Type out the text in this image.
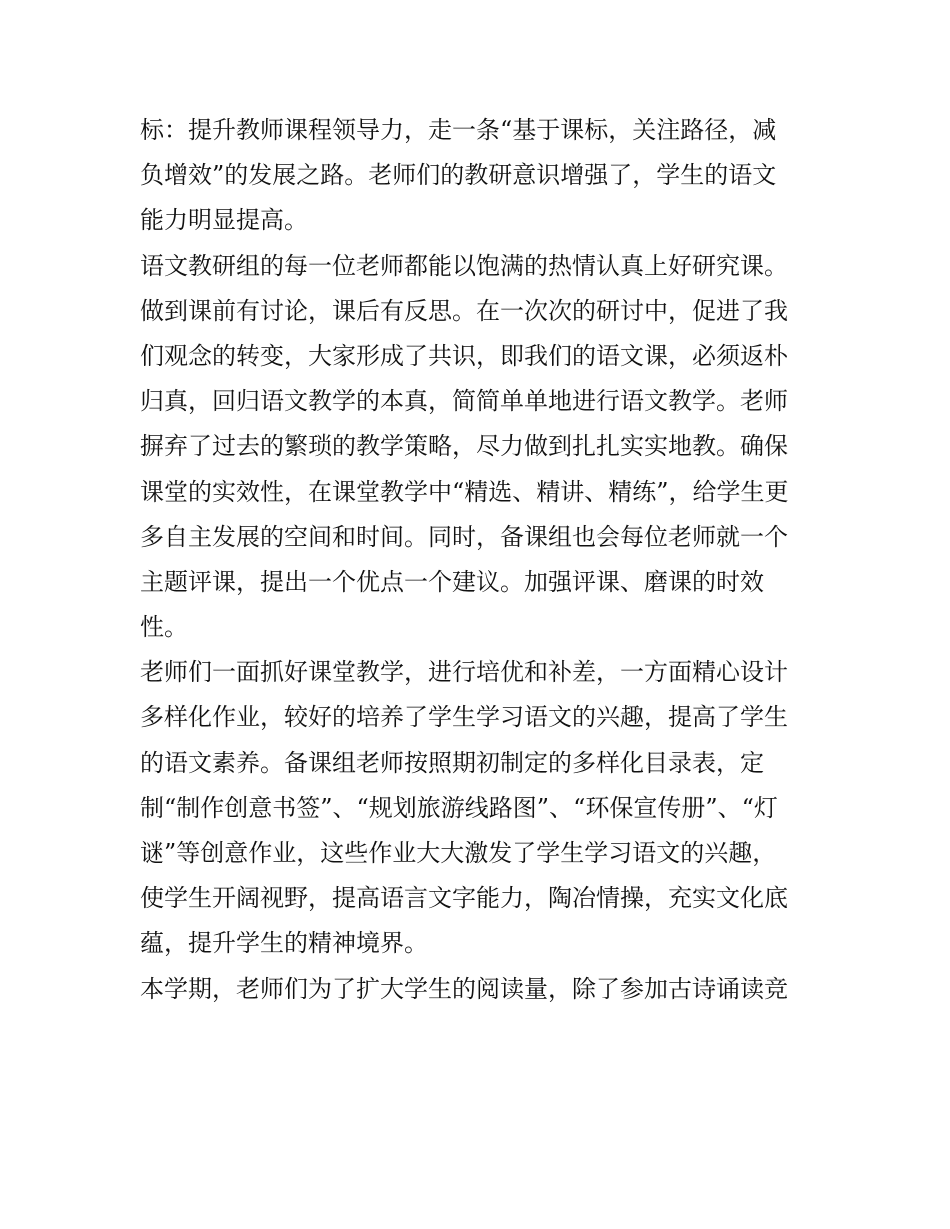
标：提升教师课程领导力，走一条“基于课标，关注路径，减
负增效”的发展之路。老师们的教研意识增强了，学生的语文
能力明显提高。
语文教研组的每一位老师都能以饱满的热情认真上好研究课。
做到课前有讨论，课后有反思。在一次次的研讨中，促进了我
们观念的转变，大家形成了共识，即我们的语文课，必须返朴
归真，回归语文教学的本真，简简单单地进行语文教学。老师
摒弃了过去的繁琐的教学策略，尽力做到扎扎实实地教。确保
课堂的实效性，在课堂教学中“精选、精讲、精练”，给学生更
多自主发展的空间和时间。同时，备课组也会每位老师就一个
主题评课，提出一个优点一个建议。加强评课、磨课的时效
性。
老师们一面抓好课堂教学，进行培优和补差，一方面精心设计
多样化作业，较好的培养了学生学习语文的兴趣，提高了学生
的语文素养。备课组老师按照期初制定的多样化目录表，定
制“制作创意书签”、“规划旅游线路图”、“环保宣传册”、“灯
谜”等创意作业，这些作业大大激发了学生学习语文的兴趣，
使学生开阔视野，提高语言文字能力，陶冶情操，充实文化底
蕴，提升学生的精神境界。
本学期，老师们为了扩大学生的阅读量，除了参加古诗诵读竞
